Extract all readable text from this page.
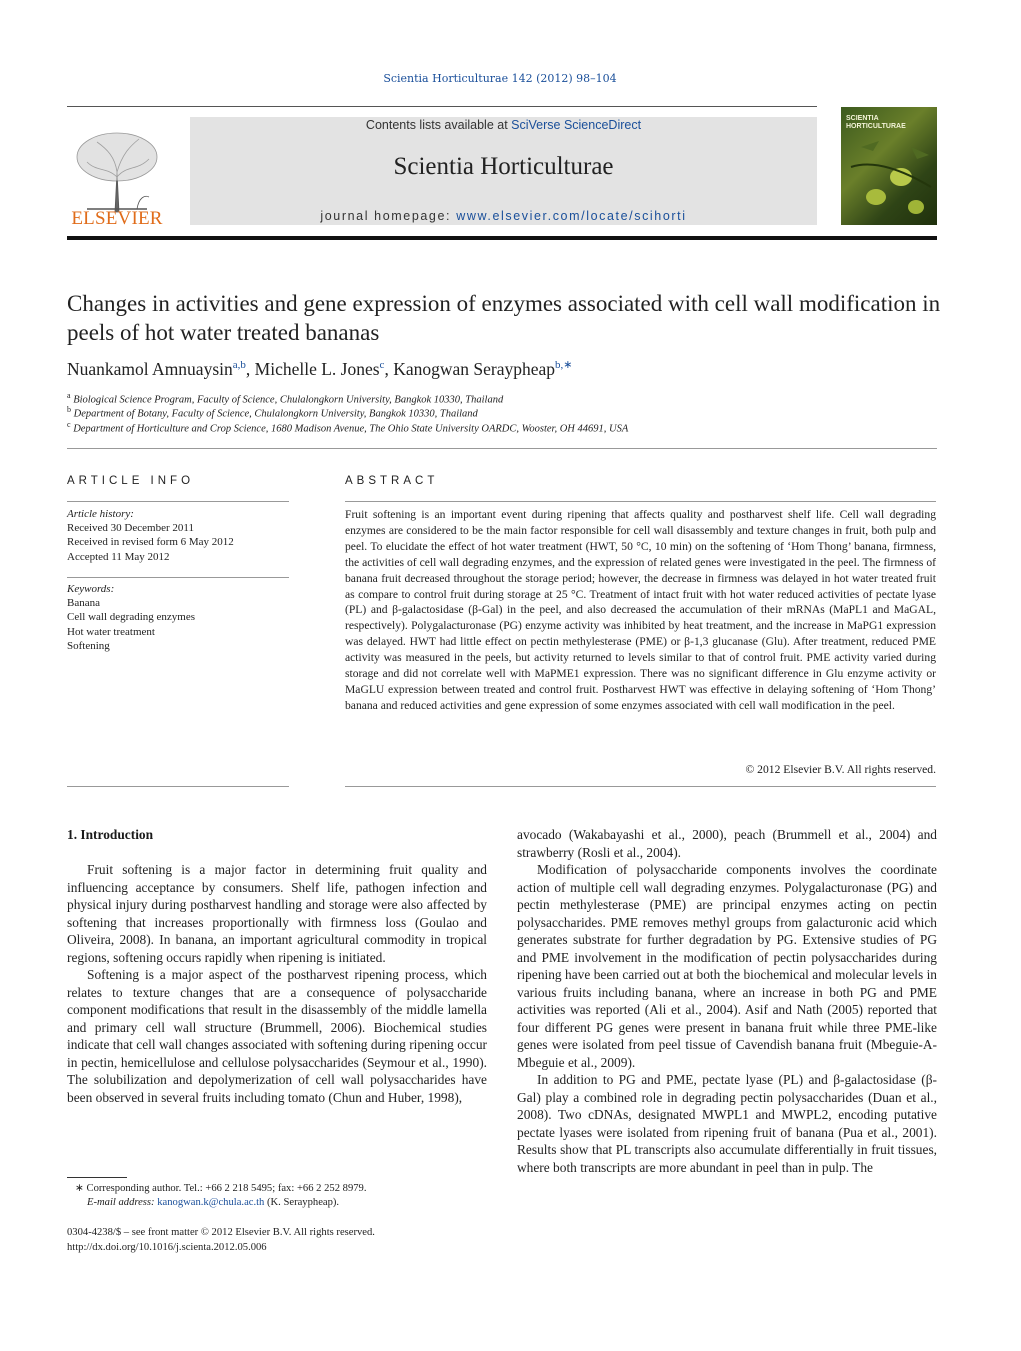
Scientia Horticulturae 142 (2012) 98–104
ELSEVIER
Contents lists available at SciVerse ScienceDirect
Scientia Horticulturae
journal homepage: www.elsevier.com/locate/scihorti
SCIENTIA
HORTICULTURAE
Changes in activities and gene expression of enzymes associated with cell wall modification in peels of hot water treated bananas
Nuankamol Amnuaysin$^{a,b}$, Michelle L. Jones$^c$, Kanogwan Seraypheap$^{b,∗}$
$^a$ Biological Science Program, Faculty of Science, Chulalongkorn University, Bangkok 10330, Thailand
$^b$ Department of Botany, Faculty of Science, Chulalongkorn University, Bangkok 10330, Thailand
$^c$ Department of Horticulture and Crop Science, 1680 Madison Avenue, The Ohio State University OARDC, Wooster, OH 44691, USA
ARTICLE INFO
Article history:
Received 30 December 2011
Received in revised form 6 May 2012
Accepted 11 May 2012
Keywords:
Banana
Cell wall degrading enzymes
Hot water treatment
Softening
ABSTRACT
Fruit softening is an important event during ripening that affects quality and postharvest shelf life. Cell wall degrading enzymes are considered to be the main factor responsible for cell wall disassembly and texture changes in fruit, both pulp and peel. To elucidate the effect of hot water treatment (HWT, 50 °C, 10 min) on the softening of ‘Hom Thong’ banana, firmness, the activities of cell wall degrading enzymes, and the expression of related genes were investigated in the peel. The firmness of banana fruit decreased throughout the storage period; however, the decrease in firmness was delayed in hot water treated fruit as compare to control fruit during storage at 25 °C. Treatment of intact fruit with hot water reduced activities of pectate lyase (PL) and β-galactosidase (β-Gal) in the peel, and also decreased the accumulation of their mRNAs (MaPL1 and MaGAL, respectively). Polygalacturonase (PG) enzyme activity was inhibited by heat treatment, and the increase in MaPG1 expression was delayed. HWT had little effect on pectin methylesterase (PME) or β-1,3 glucanase (Glu). After treatment, reduced PME activity was measured in the peels, but activity returned to levels similar to that of control fruit. PME activity varied during storage and did not correlate well with MaPME1 expression. There was no significant difference in Glu enzyme activity or MaGLU expression between treated and control fruit. Postharvest HWT was effective in delaying softening of ‘Hom Thong’ banana and reduced activities and gene expression of some enzymes associated with cell wall modification in the peel.
© 2012 Elsevier B.V. All rights reserved.
1. Introduction

Fruit softening is a major factor in determining fruit quality and influencing acceptance by consumers. Shelf life, pathogen infection and physical injury during postharvest handling and storage were also affected by softening that increases proportionally with firmness loss (Goulao and Oliveira, 2008). In banana, an important agricultural commodity in tropical regions, softening occurs rapidly when ripening is initiated.

Softening is a major aspect of the postharvest ripening process, which relates to texture changes that are a consequence of polysaccharide component modifications that result in the disassembly of the middle lamella and primary cell wall structure (Brummell, 2006). Biochemical studies indicate that cell wall changes associated with softening during ripening occur in pectin, hemicellulose and cellulose polysaccharides (Seymour et al., 1990). The solubilization and depolymerization of cell wall polysaccharides have been observed in several fruits including tomato (Chun and Huber, 1998),

avocado (Wakabayashi et al., 2000), peach (Brummell et al., 2004) and strawberry (Rosli et al., 2004).

Modification of polysaccharide components involves the coordinate action of multiple cell wall degrading enzymes. Polygalacturonase (PG) and pectin methylesterase (PME) are principal enzymes acting on pectin polysaccharides. PME removes methyl groups from galacturonic acid which generates substrate for further degradation by PG. Extensive studies of PG and PME involvement in the modification of pectin polysaccharides during ripening have been carried out at both the biochemical and molecular levels in various fruits including banana, where an increase in both PG and PME activities was reported (Ali et al., 2004). Asif and Nath (2005) reported that four different PG genes were present in banana fruit while three PME-like genes were isolated from peel tissue of Cavendish banana fruit (Mbeguie-A-Mbeguie et al., 2009).

In addition to PG and PME, pectate lyase (PL) and β-galactosidase (β-Gal) play a combined role in degrading pectin polysaccharides (Duan et al., 2008). Two cDNAs, designated MWPL1 and MWPL2, encoding putative pectate lyases were isolated from ripening fruit of banana (Pua et al., 2001). Results show that PL transcripts also accumulate differentially in fruit tissues, where both transcripts are more abundant in peel than in pulp. The

∗ Corresponding author. Tel.: +66 2 218 5495; fax: +66 2 252 8979.
E-mail address: kanogwan.k@chula.ac.th (K. Seraypheap).
0304-4238/$ – see front matter © 2012 Elsevier B.V. All rights reserved.
http://dx.doi.org/10.1016/j.scienta.2012.05.006
